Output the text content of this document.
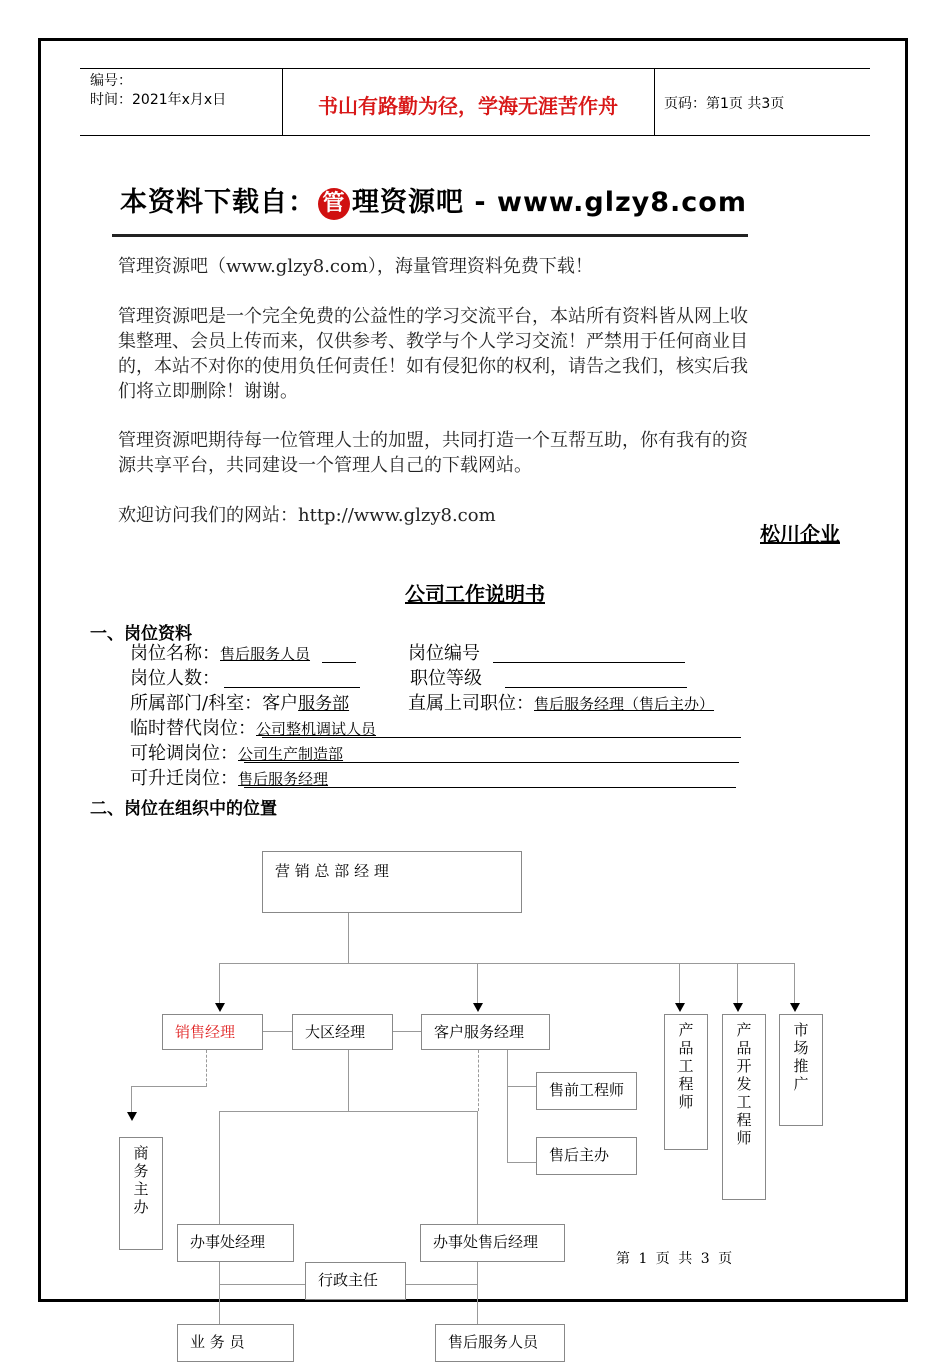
编号：
时间：2021年x月x日	书山有路勤为径，学海无涯苦作舟	页码：第1页 共3页
本资料下载自： 管 理资源吧 - www.glzy8.com
管理资源吧（www.glzy8.com），海量管理资料免费下载！
管理资源吧是一个完全免费的公益性的学习交流平台，本站所有资料皆从网上收集整理、会员上传而来，仅供参考、教学与个人学习交流！严禁用于任何商业目的，本站不对你的使用负任何责任！如有侵犯你的权利，请告之我们，核实后我们将立即删除！谢谢。
管理资源吧期待每一位管理人士的加盟，共同打造一个互帮互助，你有我有的资源共享平台，共同建设一个管理人自己的下载网站。
欢迎访问我们的网站：http://www.glzy8.com
松川企业
公司工作说明书
一、岗位资料
岗位名称：售后服务人员	岗位编号
岗位人数：	职位等级
所属部门/科室：客户服务部	直属上司职位：售后服务经理（售后主办）
临时替代岗位：公司整机调试人员
可轮调岗位：公司生产制造部
可升迁岗位：售后服务经理
二、岗位在组织中的位置
营 销 总 部 经 理
销售经理	大区经理	客户服务经理	产
品
工
程
师
产
品
开
发
工
程
师
市
场
推
广
售前工程师
售后主办
商
务
主
办
办事处经理	办事处售后经理
行政主任
业 务 员	售后服务人员
第 1 页 共 3 页
